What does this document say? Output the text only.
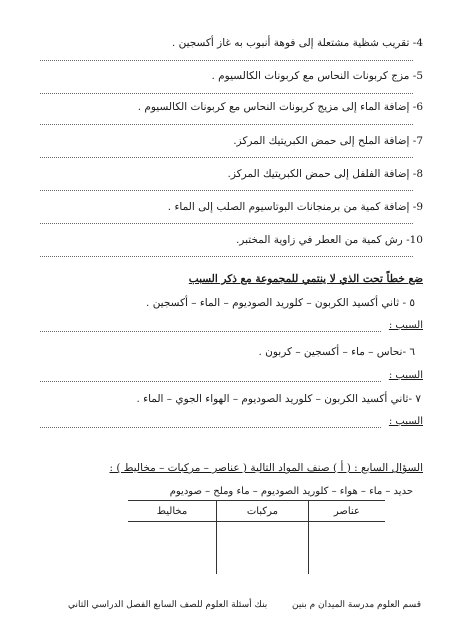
4- تقريب شظية مشتعلة إلى فوهة أنبوب به غاز أكسجين .
5- مزج كربونات النحاس مع كربونات الكالسيوم .
6- إضافة الماء إلى مزيج كربونات النحاس مع كربونات الكالسيوم .
7- إضافة الملح إلى حمض الكبريتيك المركز.
8- إضافة الفلفل إلى حمض الكبريتيك المركز.
9- إضافة كمية من برمنجانات البوتاسيوم الصلب إلى الماء .
10- رش كمية من العطر في زاوية المختبر.
ضع خطاً تحت الذي لا ينتمي للمجموعة مع ذكر السبب
٥ - ثاني أكسيد الكربون – كلوريد الصوديوم – الماء – أكسجين .
السبب :
٦ -نحاس – ماء – أكسجين – كربون .
السبب :
٧ -ثاني أكسيد الكربون – كلوريد الصوديوم – الهواء الجوي – الماء .
السبب :
السؤال السابع : ( أ ) صنف المواد التالية ( عناصر – مركبات – مخاليط ) :
حديد – ماء – هواء – كلوريد الصوديوم – ماء وملح – صوديوم
عناصر	مركبات	مخاليط

قسم العلوم مدرسة الميدان م بنين
بنك أسئلة العلوم للصف السابع الفصل الدراسي الثاني
